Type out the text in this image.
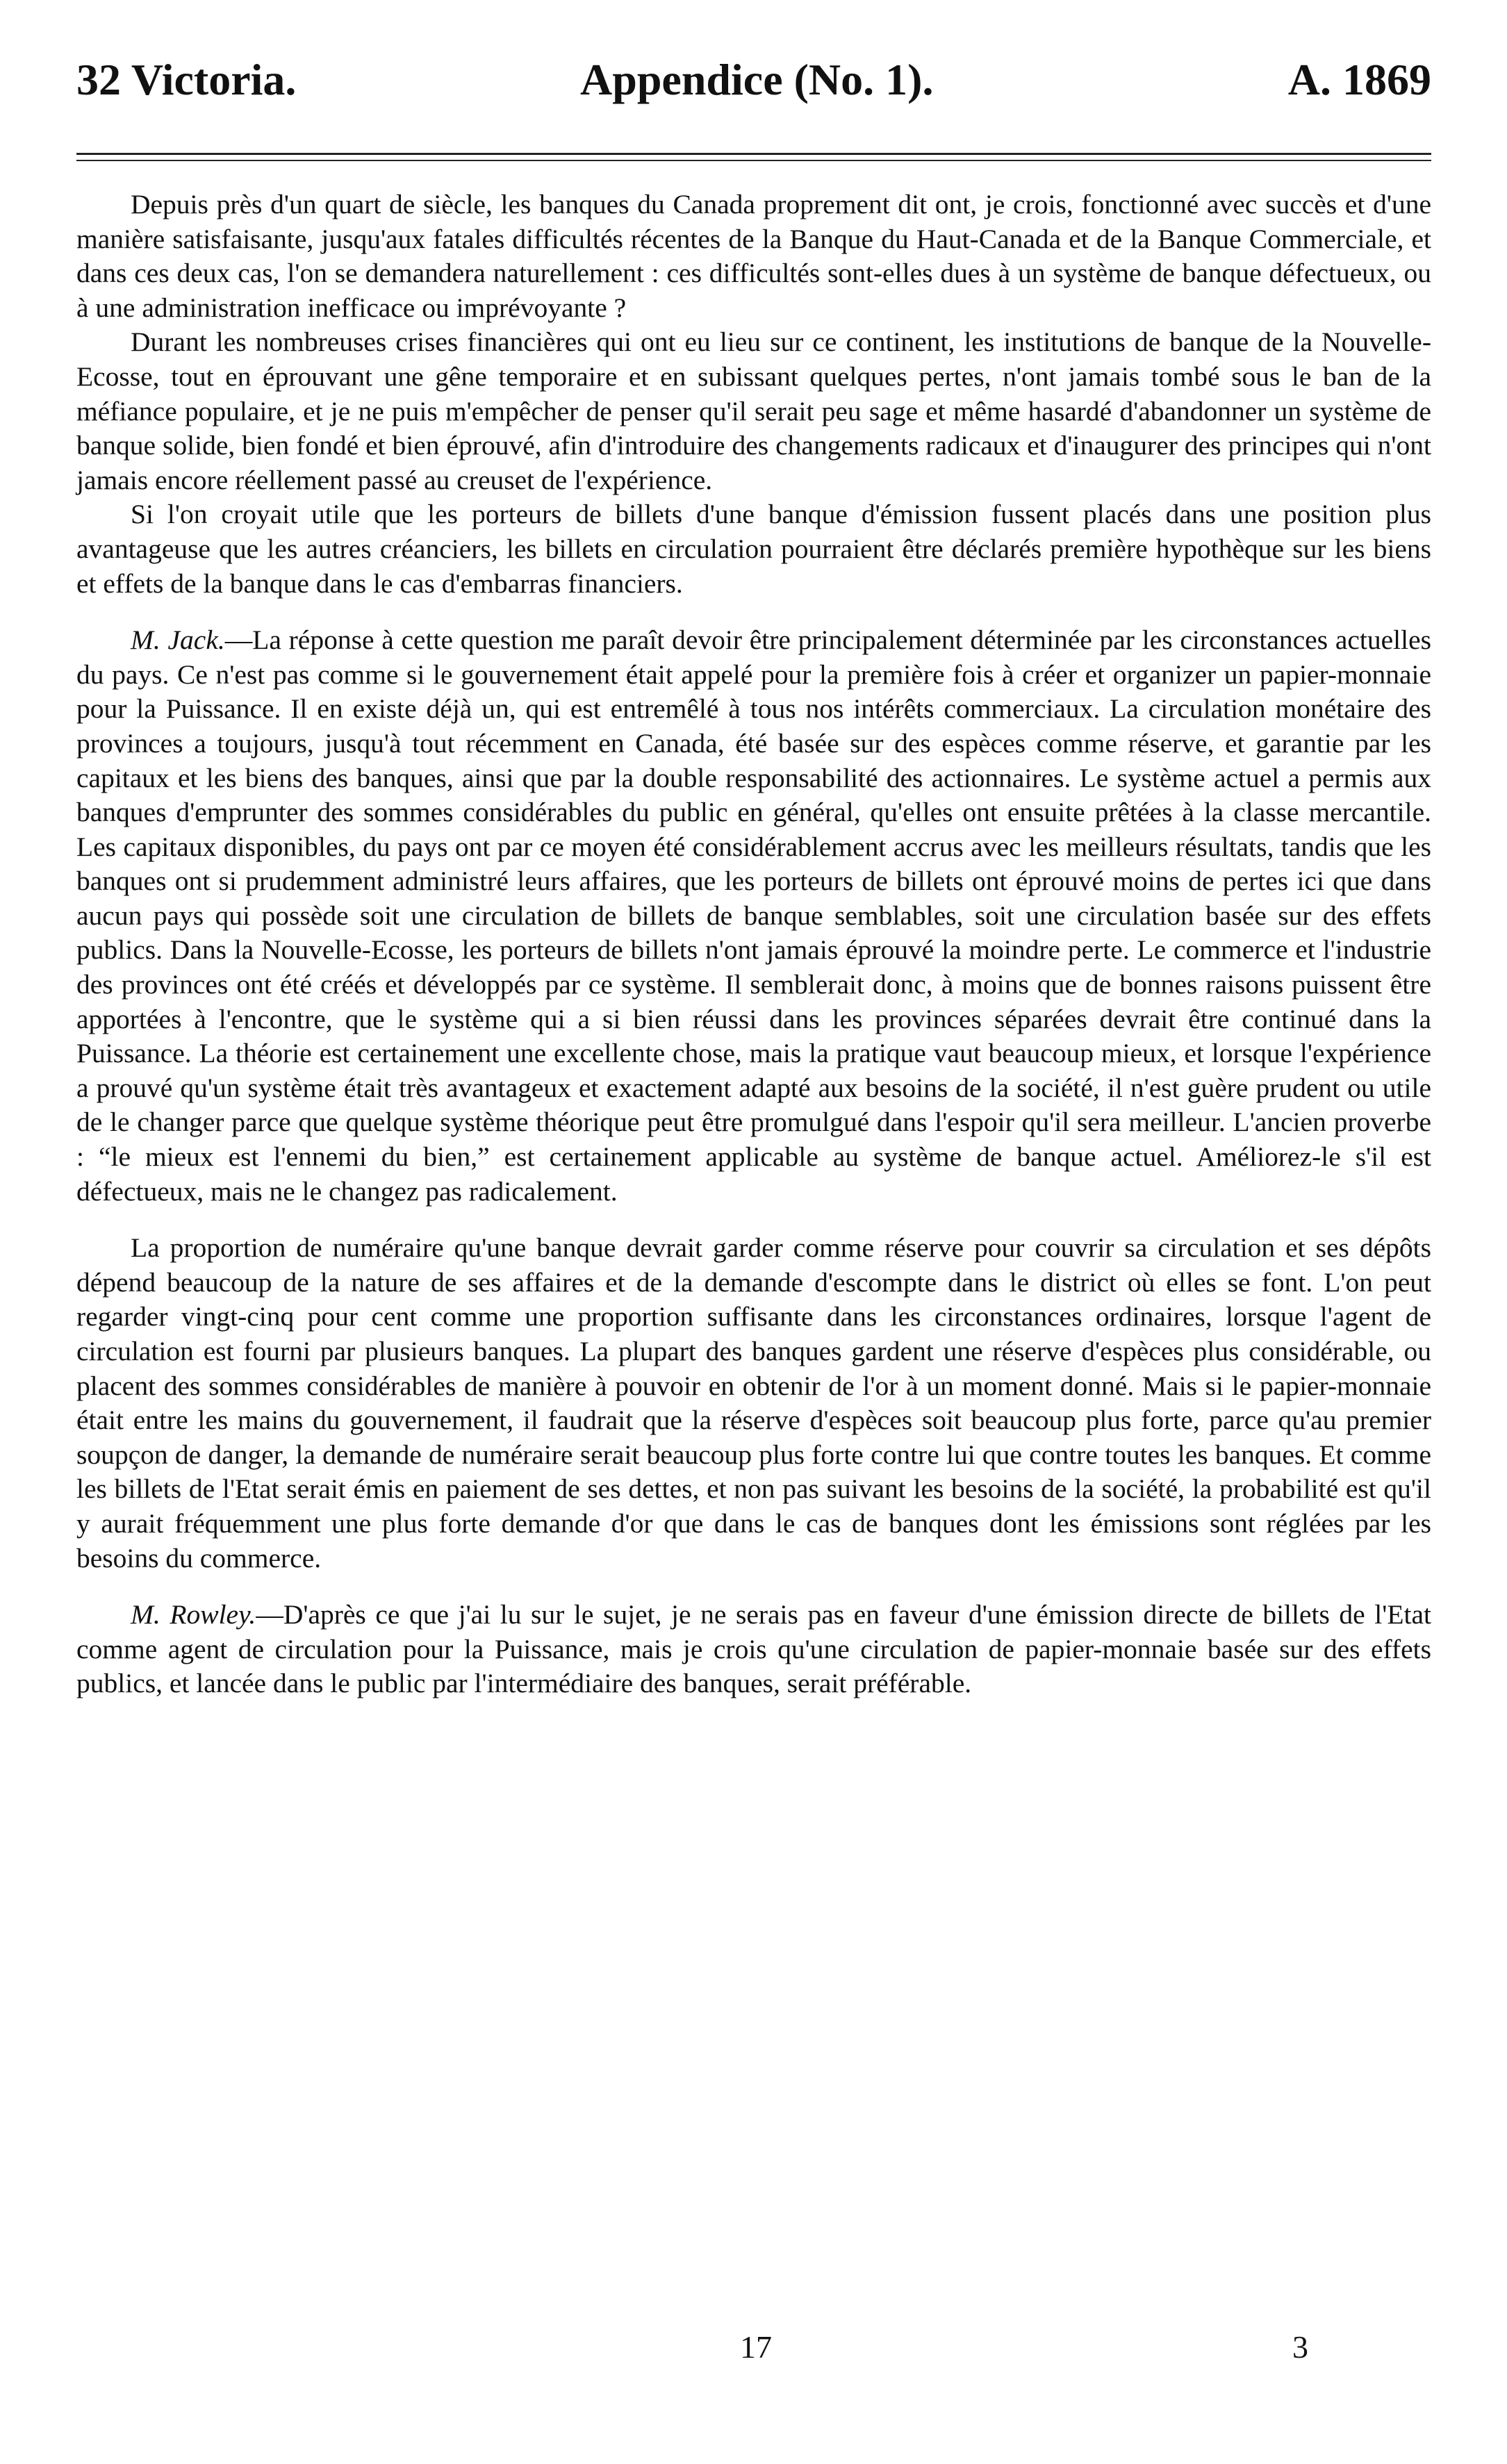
32 Victoria.	Appendice (No. 1).	A. 1869

Depuis près d'un quart de siècle, les banques du Canada proprement dit ont, je crois, fonctionné avec succès et d'une manière satisfaisante, jusqu'aux fatales difficultés récentes de la Banque du Haut-Canada et de la Banque Commerciale, et dans ces deux cas, l'on se demandera naturellement : ces difficultés sont-elles dues à un système de banque défectueux, ou à une administration inefficace ou imprévoyante ?

Durant les nombreuses crises financières qui ont eu lieu sur ce continent, les institutions de banque de la Nouvelle-Ecosse, tout en éprouvant une gêne temporaire et en subissant quelques pertes, n'ont jamais tombé sous le ban de la méfiance populaire, et je ne puis m'empêcher de penser qu'il serait peu sage et même hasardé d'abandonner un système de banque solide, bien fondé et bien éprouvé, afin d'introduire des changements radicaux et d'inaugurer des principes qui n'ont jamais encore réellement passé au creuset de l'expérience.

Si l'on croyait utile que les porteurs de billets d'une banque d'émission fussent placés dans une position plus avantageuse que les autres créanciers, les billets en circulation pourraient être déclarés première hypothèque sur les biens et effets de la banque dans le cas d'embarras financiers.

M. Jack.—La réponse à cette question me paraît devoir être principalement déterminée par les circonstances actuelles du pays. Ce n'est pas comme si le gouvernement était appelé pour la première fois à créer et organizer un papier-monnaie pour la Puissance. Il en existe déjà un, qui est entremêlé à tous nos intérêts commerciaux. La circulation monétaire des provinces a toujours, jusqu'à tout récemment en Canada, été basée sur des espèces comme réserve, et garantie par les capitaux et les biens des banques, ainsi que par la double responsabilité des actionnaires. Le système actuel a permis aux banques d'emprunter des sommes considérables du public en général, qu'elles ont ensuite prêtées à la classe mercantile. Les capitaux disponibles, du pays ont par ce moyen été considérablement accrus avec les meilleurs résultats, tandis que les banques ont si prudemment administré leurs affaires, que les porteurs de billets ont éprouvé moins de pertes ici que dans aucun pays qui possède soit une circulation de billets de banque semblables, soit une circulation basée sur des effets publics. Dans la Nouvelle-Ecosse, les porteurs de billets n'ont jamais éprouvé la moindre perte. Le commerce et l'industrie des provinces ont été créés et développés par ce système. Il semblerait donc, à moins que de bonnes raisons puissent être apportées à l'encontre, que le système qui a si bien réussi dans les provinces séparées devrait être continué dans la Puissance. La théorie est certainement une excellente chose, mais la pratique vaut beaucoup mieux, et lorsque l'expérience a prouvé qu'un système était très avantageux et exactement adapté aux besoins de la société, il n'est guère prudent ou utile de le changer parce que quelque système théorique peut être promulgué dans l'espoir qu'il sera meilleur. L'ancien proverbe : “le mieux est l'ennemi du bien,” est certainement applicable au système de banque actuel. Améliorez-le s'il est défectueux, mais ne le changez pas radicalement.

La proportion de numéraire qu'une banque devrait garder comme réserve pour couvrir sa circulation et ses dépôts dépend beaucoup de la nature de ses affaires et de la demande d'escompte dans le district où elles se font. L'on peut regarder vingt-cinq pour cent comme une proportion suffisante dans les circonstances ordinaires, lorsque l'agent de circulation est fourni par plusieurs banques. La plupart des banques gardent une réserve d'espèces plus considérable, ou placent des sommes considérables de manière à pouvoir en obtenir de l'or à un moment donné. Mais si le papier-monnaie était entre les mains du gouvernement, il faudrait que la réserve d'espèces soit beaucoup plus forte, parce qu'au premier soupçon de danger, la demande de numéraire serait beaucoup plus forte contre lui que contre toutes les banques. Et comme les billets de l'Etat serait émis en paiement de ses dettes, et non pas suivant les besoins de la société, la probabilité est qu'il y aurait fréquemment une plus forte demande d'or que dans le cas de banques dont les émissions sont réglées par les besoins du commerce.

M. Rowley.—D'après ce que j'ai lu sur le sujet, je ne serais pas en faveur d'une émission directe de billets de l'Etat comme agent de circulation pour la Puissance, mais je crois qu'une circulation de papier-monnaie basée sur des effets publics, et lancée dans le public par l'intermédiaire des banques, serait préférable.

17	3
